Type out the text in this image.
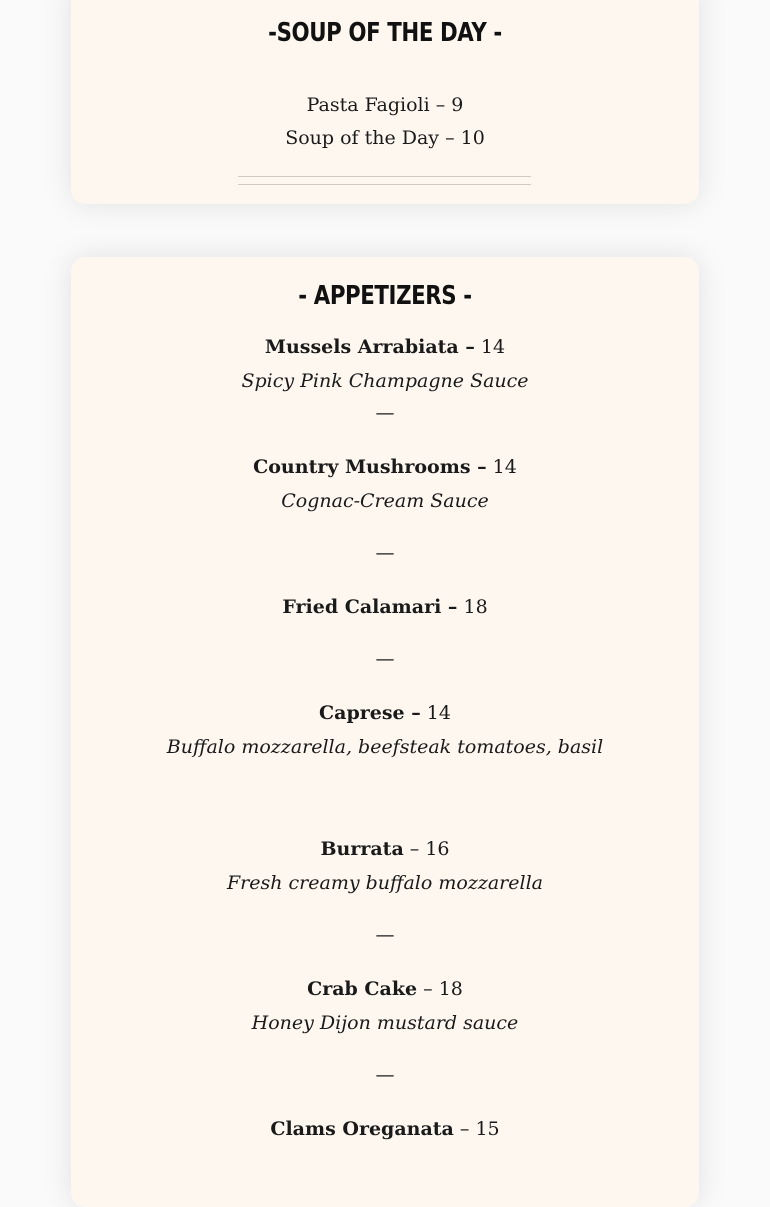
-SOUP OF THE DAY -
Pasta Fagioli – 9
Soup of the Day – 10
- APPETIZERS -
Mussels Arrabiata – 14
Spicy Pink Champagne Sauce
—
Country Mushrooms – 14
Cognac-Cream Sauce
—
Fried Calamari – 18
—
Caprese – 14
Buffalo mozzarella, beefsteak tomatoes, basil
Burrata – 16
Fresh creamy buffalo mozzarella
—
Crab Cake – 18
Honey Dijon mustard sauce
—
Clams Oreganata – 15
